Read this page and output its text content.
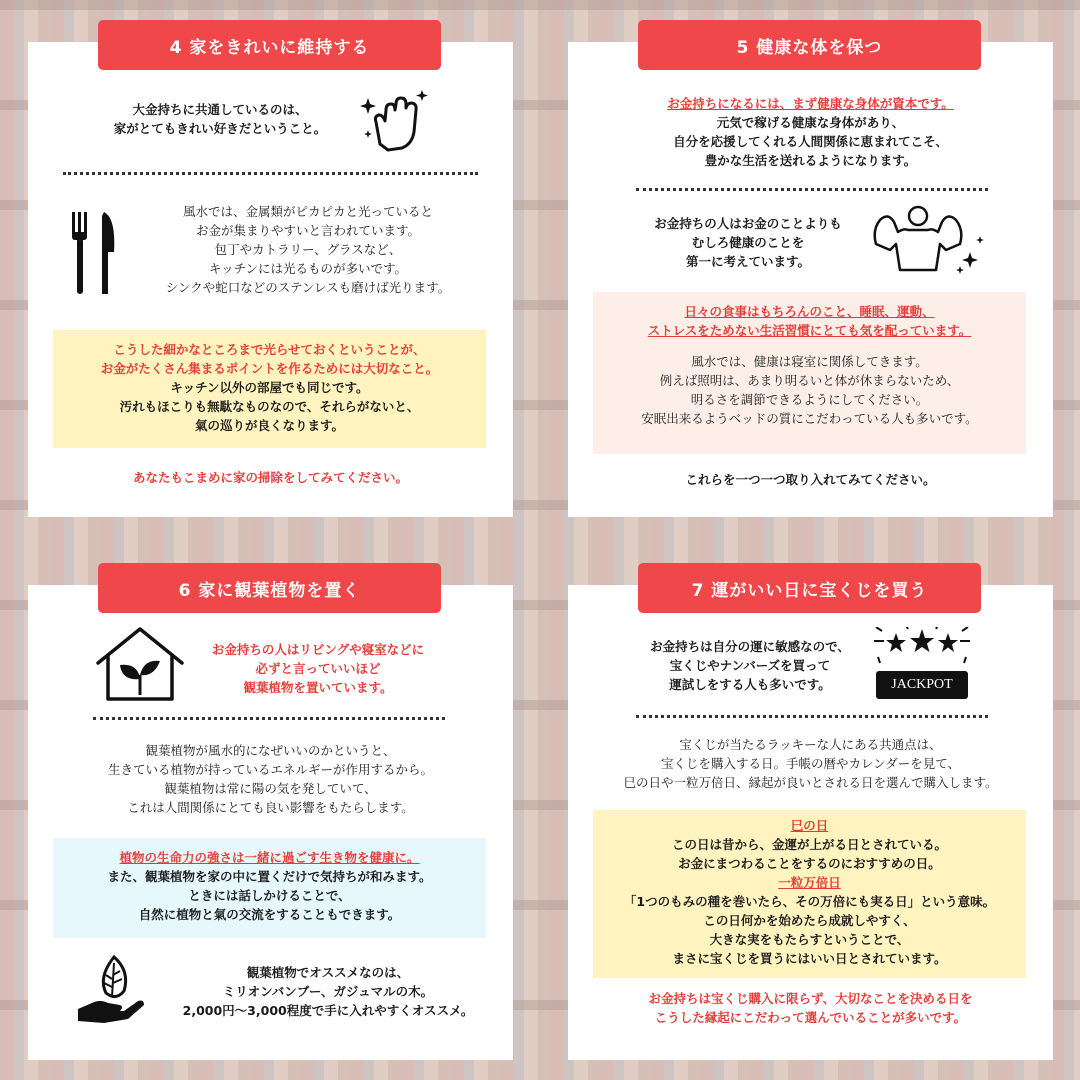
4 家をきれいに維持する
大金持ちに共通しているのは、
家がとてもきれい好きだということ。
風水では、金属類がピカピカと光っていると
お金が集まりやすいと言われています。
包丁やカトラリー、グラスなど、
キッチンには光るものが多いです。
シンクや蛇口などのステンレスも磨けば光ります。
こうした細かなところまで光らせておくということが、
お金がたくさん集まるポイントを作るためには大切なこと。
キッチン以外の部屋でも同じです。
汚れもほこりも無駄なものなので、それらがないと、
氣の巡りが良くなります。
あなたもこまめに家の掃除をしてみてください。
5 健康な体を保つ
お金持ちになるには、まず健康な身体が資本です。
元気で稼げる健康な身体があり、
自分を応援してくれる人間関係に恵まれてこそ、
豊かな生活を送れるようになります。
お金持ちの人はお金のことよりも
むしろ健康のことを
第一に考えています。
日々の食事はもちろんのこと、睡眠、運動、
ストレスをためない生活習慣にとても気を配っています。
風水では、健康は寝室に関係してきます。
例えば照明は、あまり明るいと体が休まらないため、
明るさを調節できるようにしてください。
安眠出来るようベッドの質にこだわっている人も多いです。
これらを一つ一つ取り入れてみてください。
6 家に観葉植物を置く
お金持ちの人はリビングや寝室などに
必ずと言っていいほど
観葉植物を置いています。
観葉植物が風水的になぜいいのかというと、
生きている植物が持っているエネルギーが作用するから。
観葉植物は常に陽の気を発していて、
これは人間関係にとても良い影響をもたらします。
植物の生命力の強さは一緒に過ごす生き物を健康に。
また、観葉植物を家の中に置くだけで気持ちが和みます。
ときには話しかけることで、
自然に植物と氣の交流をすることもできます。
観葉植物でオススメなのは、
ミリオンバンブー、ガジュマルの木。
2,000円〜3,000程度で手に入れやすくオススメ。
7 運がいい日に宝くじを買う
お金持ちは自分の運に敏感なので、
宝くじやナンバーズを買って
運試しをする人も多いです。	JACKPOT
宝くじが当たるラッキーな人にある共通点は、
宝くじを購入する日。手帳の暦やカレンダーを見て、
巳の日や一粒万倍日、縁起が良いとされる日を選んで購入します。
巳の日
この日は昔から、金運が上がる日とされている。
お金にまつわることをするのにおすすめの日。
一粒万倍日
「1つのもみの種を巻いたら、その万倍にも実る日」という意味。
この日何かを始めたら成就しやすく、
大きな実をもたらすということで、
まさに宝くじを買うにはいい日とされています。
お金持ちは宝くじ購入に限らず、大切なことを決める日を
こうした縁起にこだわって選んでいることが多いです。
